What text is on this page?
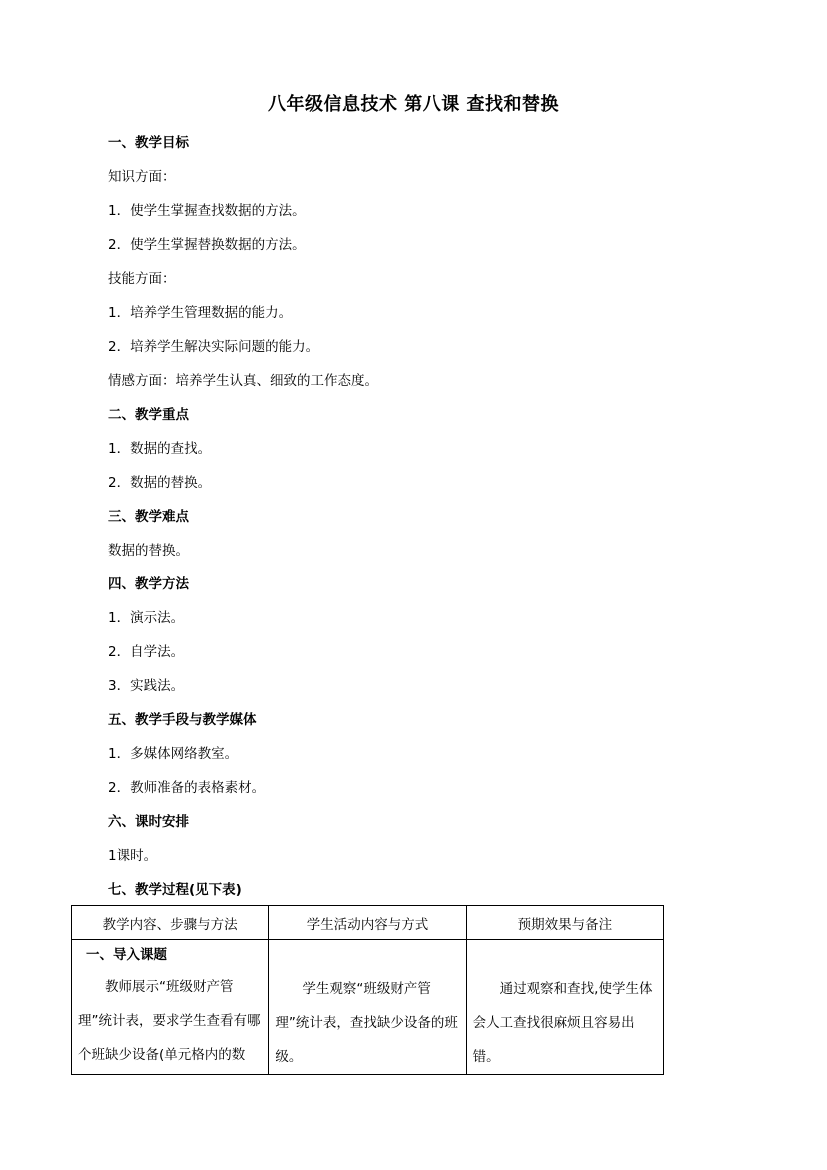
八年级信息技术 第八课 查找和替换
一、教学目标
知识方面：
1．使学生掌握查找数据的方法。
2．使学生掌握替换数据的方法。
技能方面：
1．培养学生管理数据的能力。
2．培养学生解决实际问题的能力。
情感方面：培养学生认真、细致的工作态度。
二、教学重点
1．数据的查找。
2．数据的替换。
三、教学难点
数据的替换。
四、教学方法
1．演示法。
2．自学法。
3．实践法。
五、教学手段与教学媒体
1．多媒体网络教室。
2．教师准备的表格素材。
六、课时安排
1课时。
七、教学过程(见下表)
教学内容、步骤与方法	学生活动内容与方式	预期效果与备注

一、导入课题
教师展示“班级财产管理”统计表，要求学生查看有哪个班缺少设备(单元格内的数	学生观察“班级财产管理”统计表，查找缺少设备的班级。	通过观察和查找,使学生体会人工查找很麻烦且容易出错。
